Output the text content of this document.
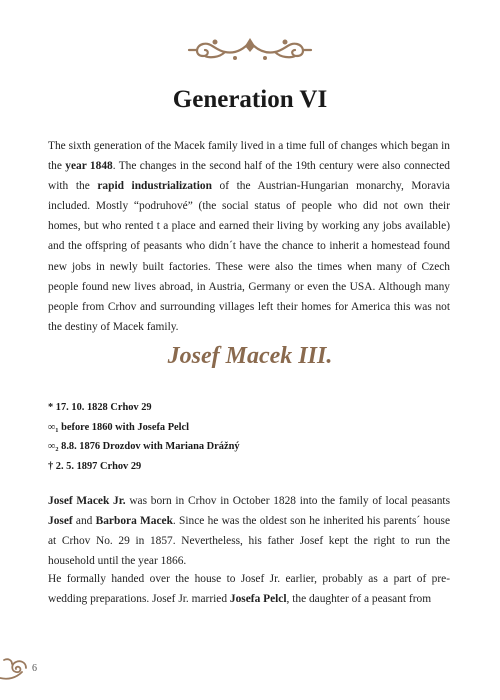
Generation VI

The sixth generation of the Macek family lived in a time full of changes which began in the year 1848. The changes in the second half of the 19th century were also connected with the rapid industrialization of the Austrian-Hungarian monarchy, Moravia included. Mostly “podruhové” (the social status of people who did not own their homes, but who rented t a place and earned their living by working any jobs available) and the offspring of peasants who didn´t have the chance to inherit a homestead found new jobs in newly built factories. These were also the times when many of Czech people found new lives abroad, in Austria, Germany or even the USA. Although many people from Crhov and surrounding villages left their homes for America this was not the destiny of Macek family.

Josef Macek III.
* 17. 10. 1828 Crhov 29
∞₁ before 1860 with Josefa Pelcl
∞₂ 8.8. 1876 Drozdov with Mariana Drážný
† 2. 5. 1897 Crhov 29

Josef Macek Jr. was born in Crhov in October 1828 into the family of local peasants Josef and Barbora Macek. Since he was the oldest son he inherited his parents´ house at Crhov No. 29 in 1857. Nevertheless, his father Josef kept the right to run the household until the year 1866.

He formally handed over the house to Josef Jr. earlier, probably as a part of pre-wedding preparations. Josef Jr. married Josefa Pelcl, the daughter of a peasant from

6
